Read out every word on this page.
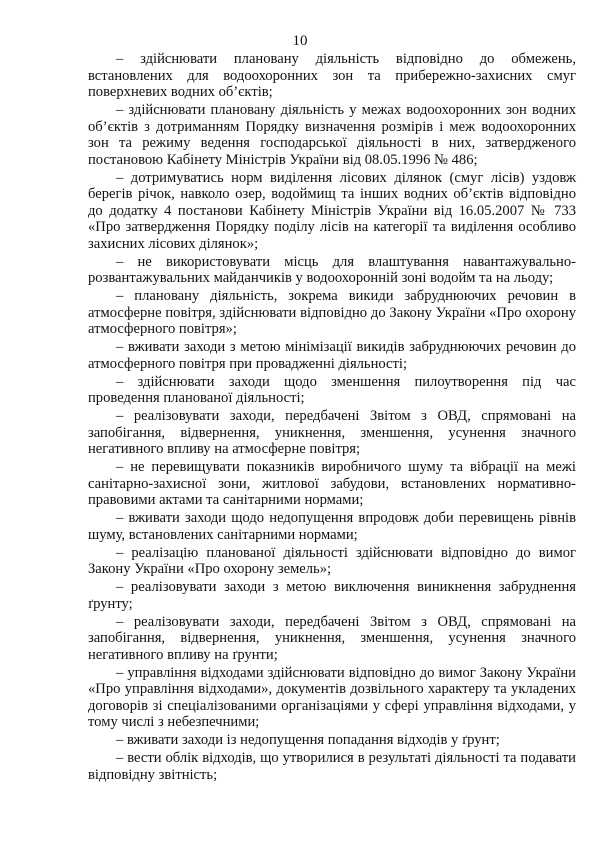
10

– здійснювати плановану діяльність відповідно до обмежень, встановлених для водоохоронних зон та прибережно-захисних смуг поверхневих водних об’єктів;

– здійснювати плановану діяльність у межах водоохоронних зон водних об’єктів з дотриманням Порядку визначення розмірів і меж водоохоронних зон та режиму ведення господарської діяльності в них, затвердженого постановою Кабінету Міністрів України від 08.05.1996 № 486;

– дотримуватись норм виділення лісових ділянок (смуг лісів) уздовж берегів річок, навколо озер, водоймищ та інших водних об’єктів відповідно до додатку 4 постанови Кабінету Міністрів України від 16.05.2007 № 733 «Про затвердження Порядку поділу лісів на категорії та виділення особливо захисних лісових ділянок»;

– не використовувати місць для влаштування навантажувально-розвантажувальних майданчиків у водоохоронній зоні водойм та на льоду;

– плановану діяльність, зокрема викиди забруднюючих речовин в атмосферне повітря, здійснювати відповідно до Закону України «Про охорону атмосферного повітря»;

– вживати заходи з метою мінімізації викидів забруднюючих речовин до атмосферного повітря при провадженні діяльності;

– здійснювати заходи щодо зменшення пилоутворення під час проведення планованої діяльності;

– реалізовувати заходи, передбачені Звітом з ОВД, спрямовані на запобігання, відвернення, уникнення, зменшення, усунення значного негативного впливу на атмосферне повітря;

– не перевищувати показників виробничого шуму та вібрації на межі санітарно-захисної зони, житлової забудови, встановлених нормативно-правовими актами та санітарними нормами;

– вживати заходи щодо недопущення впродовж доби перевищень рівнів шуму, встановлених санітарними нормами;

– реалізацію планованої діяльності здійснювати відповідно до вимог Закону України «Про охорону земель»;

– реалізовувати заходи з метою виключення виникнення забруднення ґрунту;

– реалізовувати заходи, передбачені Звітом з ОВД, спрямовані на запобігання, відвернення, уникнення, зменшення, усунення значного негативного впливу на ґрунти;

– управління відходами здійснювати відповідно до вимог Закону України «Про управління відходами», документів дозвільного характеру та укладених договорів зі спеціалізованими організаціями у сфері управління відходами, у тому числі з небезпечними;

– вживати заходи із недопущення попадання відходів у ґрунт;

– вести облік відходів, що утворилися в результаті діяльності та подавати відповідну звітність;
